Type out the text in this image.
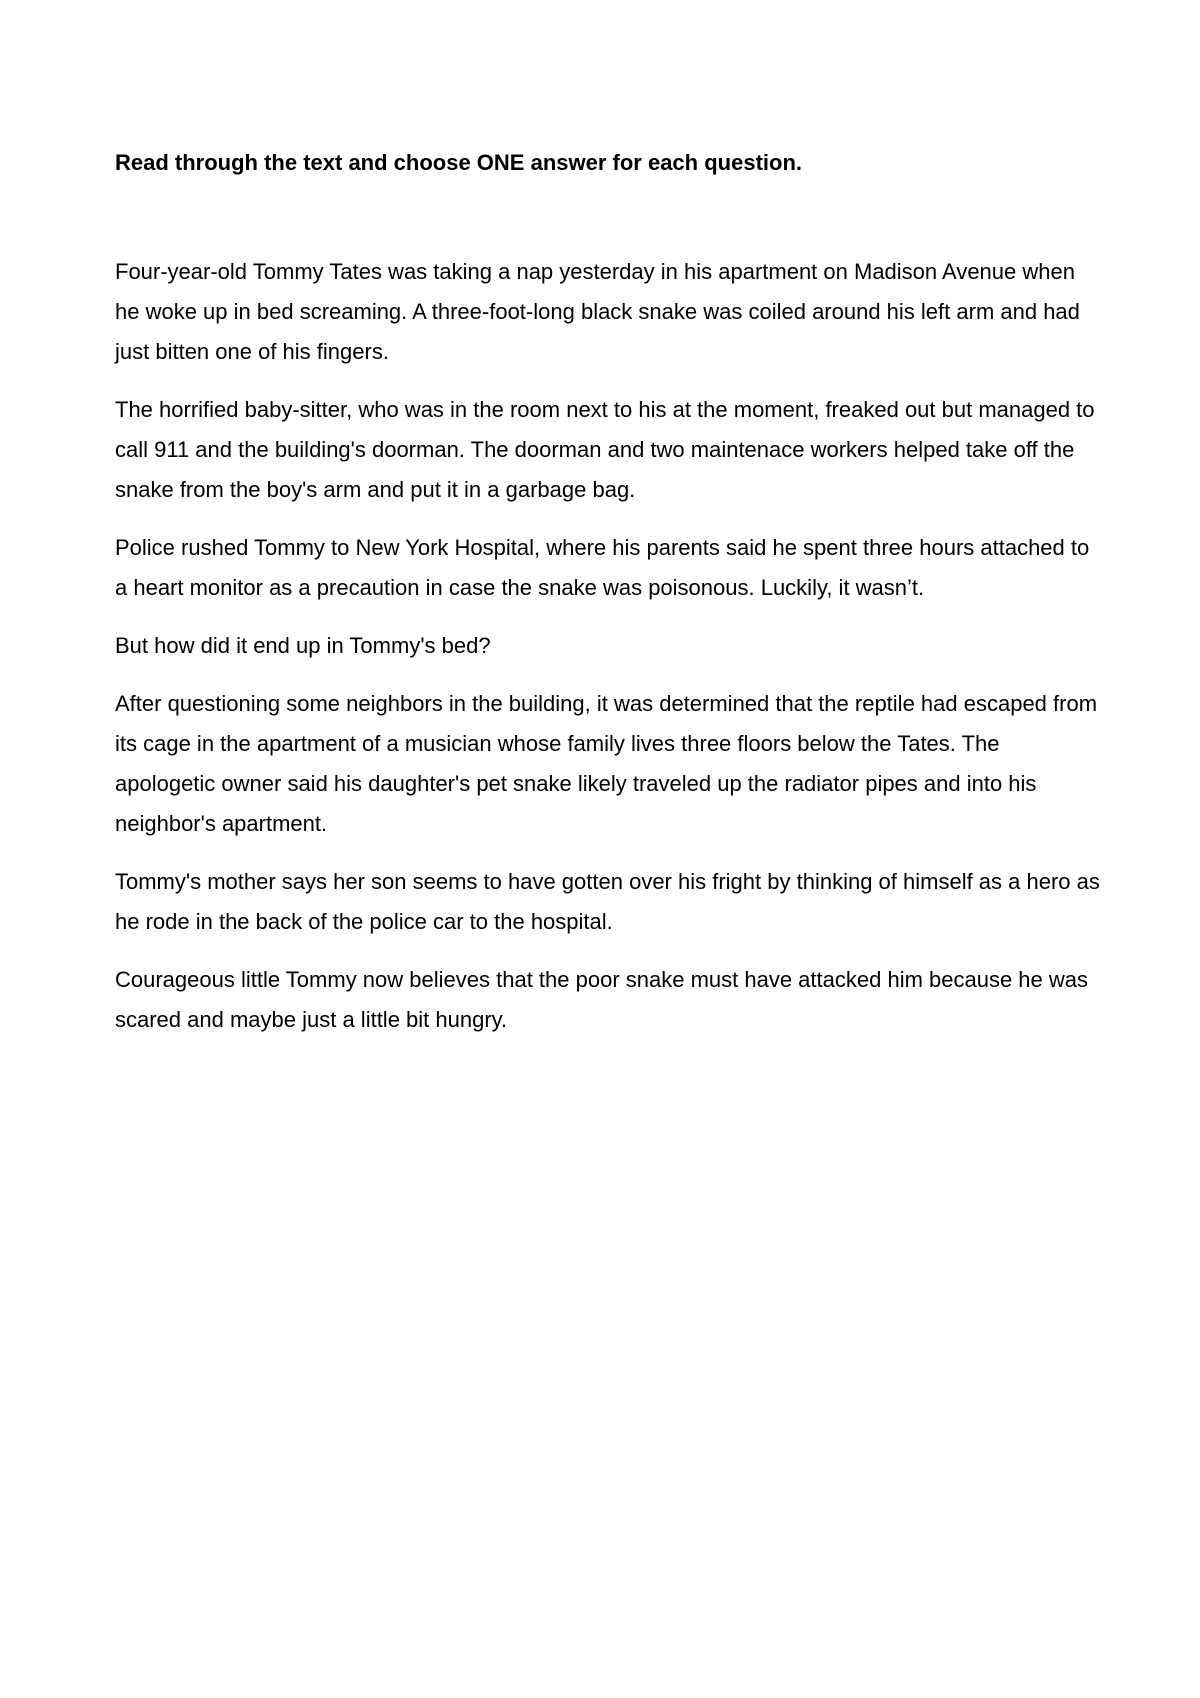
Read through the text and choose ONE answer for each question.

Four-year-old Tommy Tates was taking a nap yesterday in his apartment on Madison Avenue when he woke up in bed screaming. A three-foot-long black snake was coiled around his left arm and had just bitten one of his fingers.

The horrified baby-sitter, who was in the room next to his at the moment, freaked out but managed to call 911 and the building's doorman. The doorman and two maintenace workers helped take off the snake from the boy's arm and put it in a garbage bag.

Police rushed Tommy to New York Hospital, where his parents said he spent three hours attached to a heart monitor as a precaution in case the snake was poisonous. Luckily, it wasn’t.

But how did it end up in Tommy's bed?

After questioning some neighbors in the building, it was determined that the reptile had escaped from its cage in the apartment of a musician whose family lives three floors below the Tates. The apologetic owner said his daughter's pet snake likely traveled up the radiator pipes and into his neighbor's apartment.

Tommy's mother says her son seems to have gotten over his fright by thinking of himself as a hero as he rode in the back of the police car to the hospital.

Courageous little Tommy now believes that the poor snake must have attacked him because he was scared and maybe just a little bit hungry.
